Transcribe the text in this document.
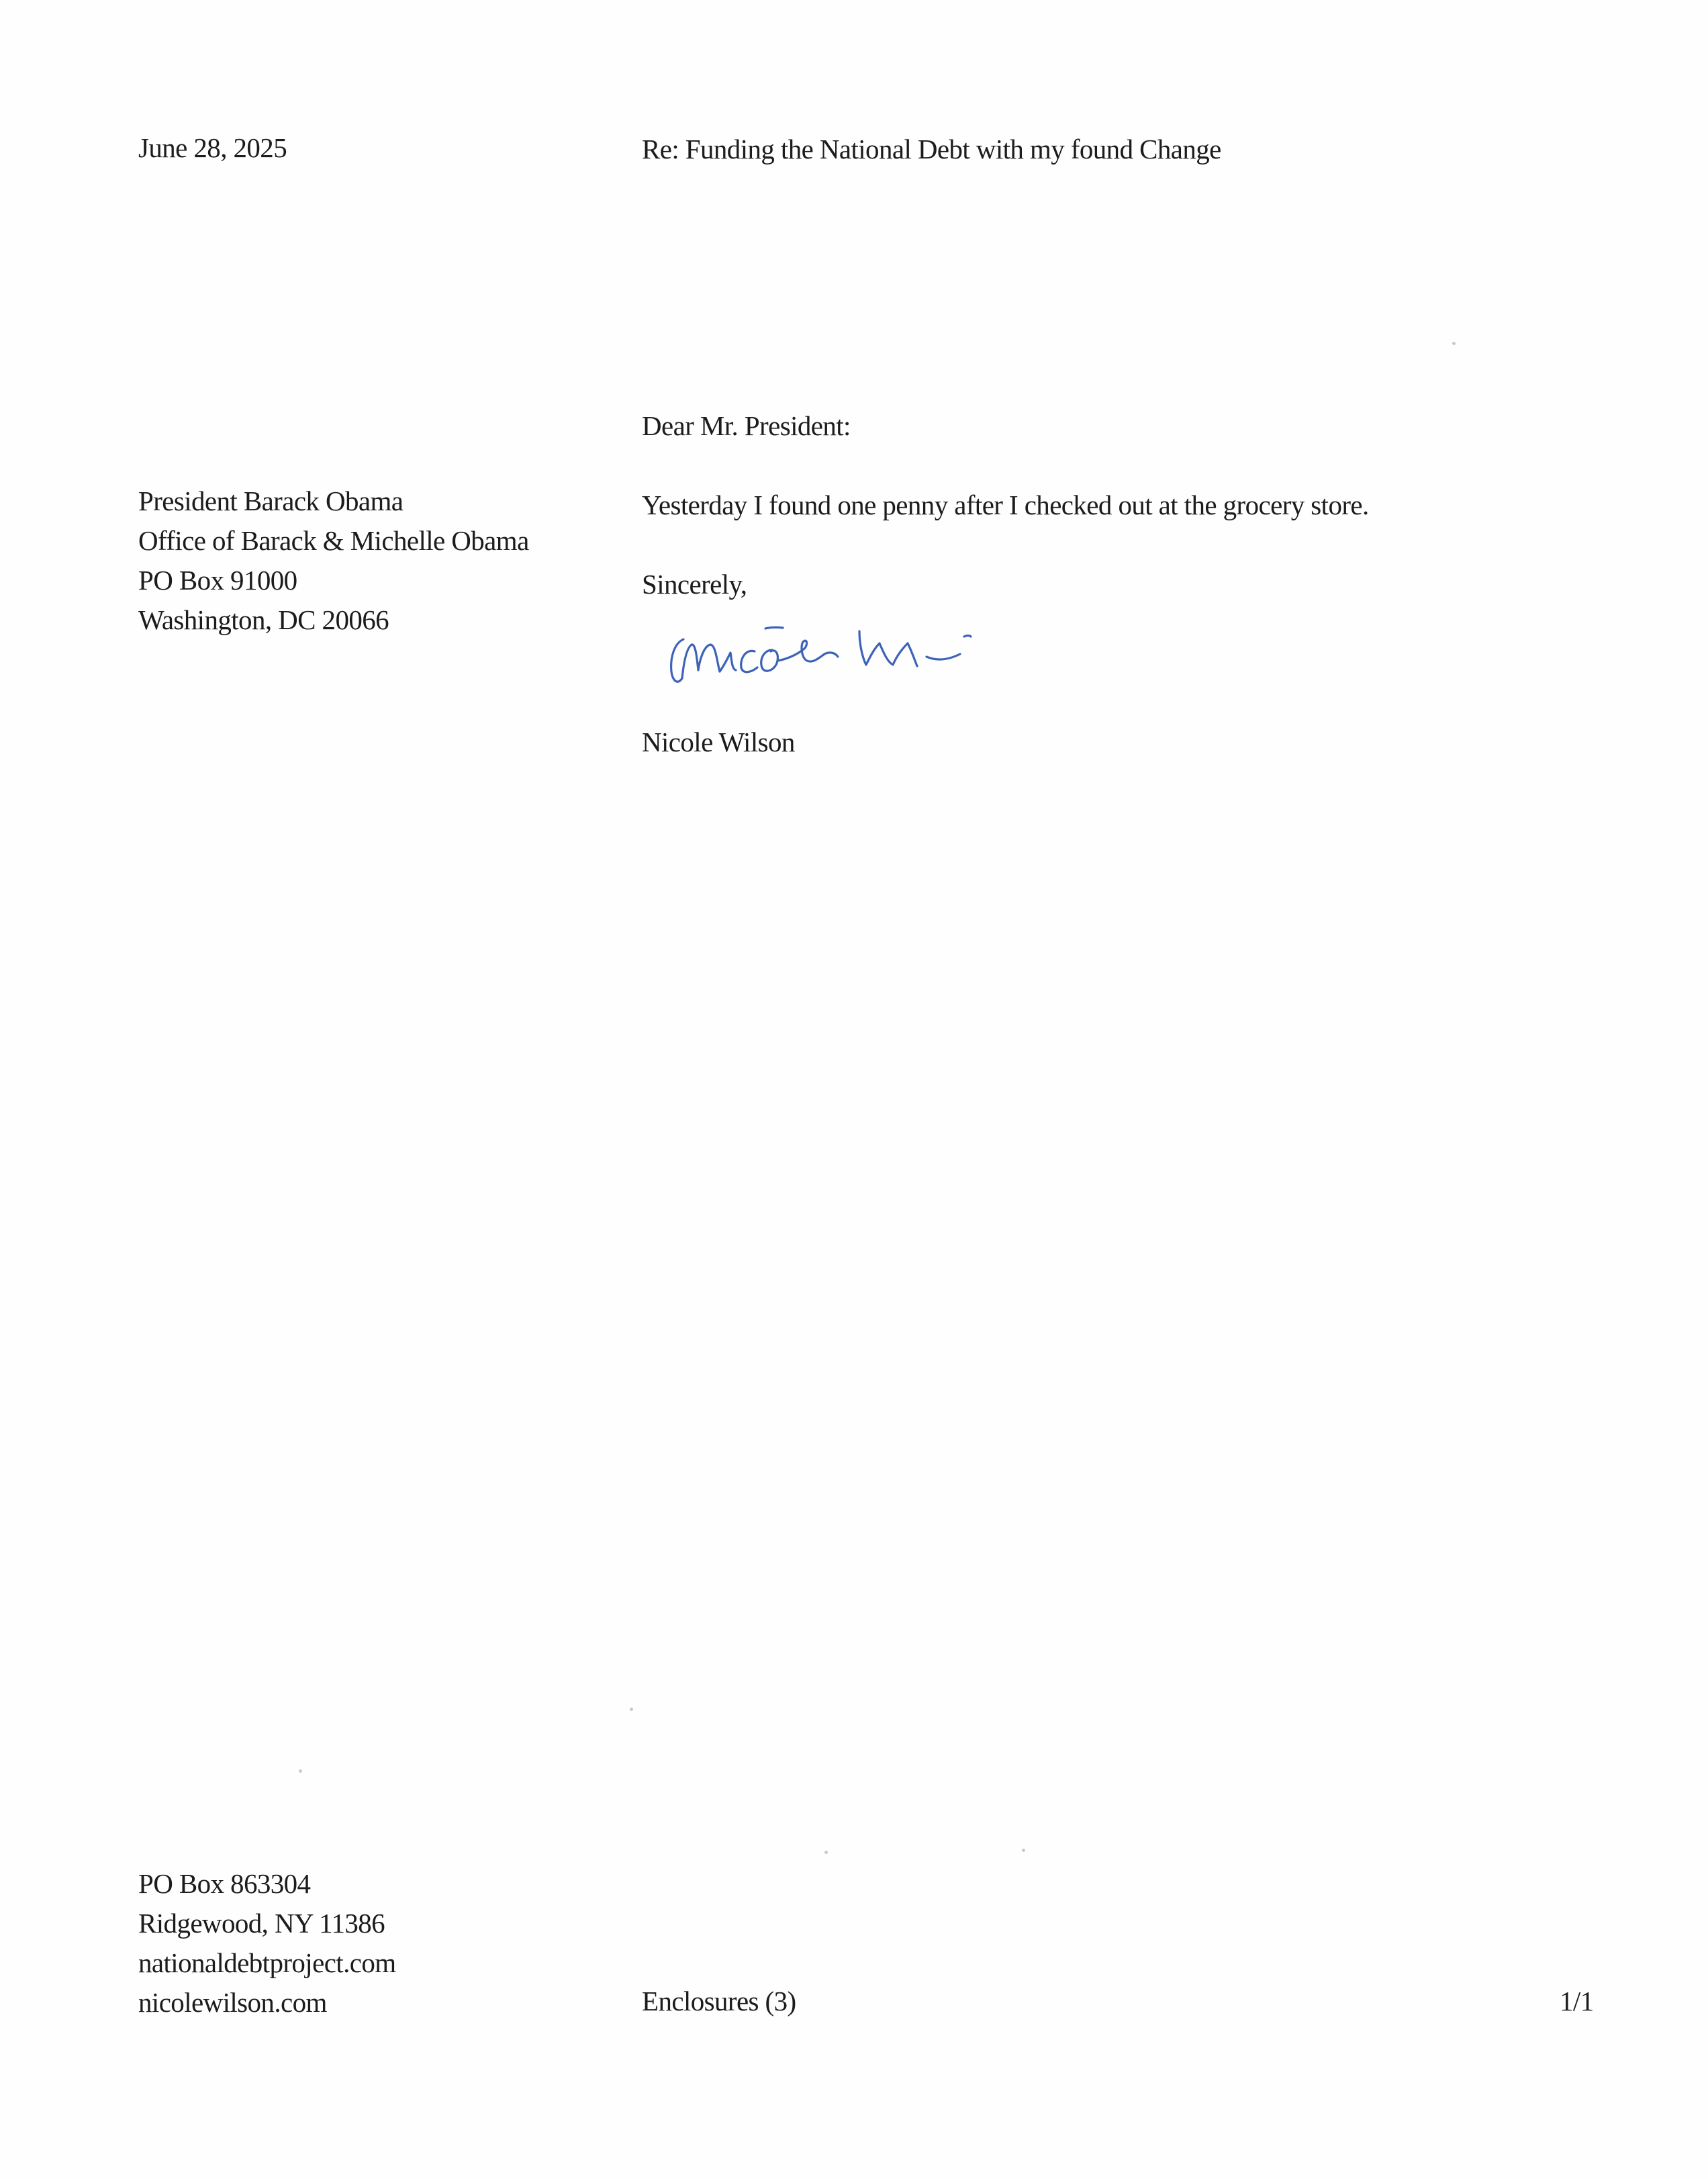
June 28, 2025	Re: Funding the National Debt with my found Change
Dear Mr. President:
President Barack Obama
Office of Barack & Michelle Obama
PO Box 91000
Washington, DC 20066
Yesterday I found one penny after I checked out at the grocery store.
Sincerely,
Nicole Wilson
PO Box 863304
Ridgewood, NY 11386
nationaldebtproject.com
nicolewilson.com	Enclosures (3)	1/1
